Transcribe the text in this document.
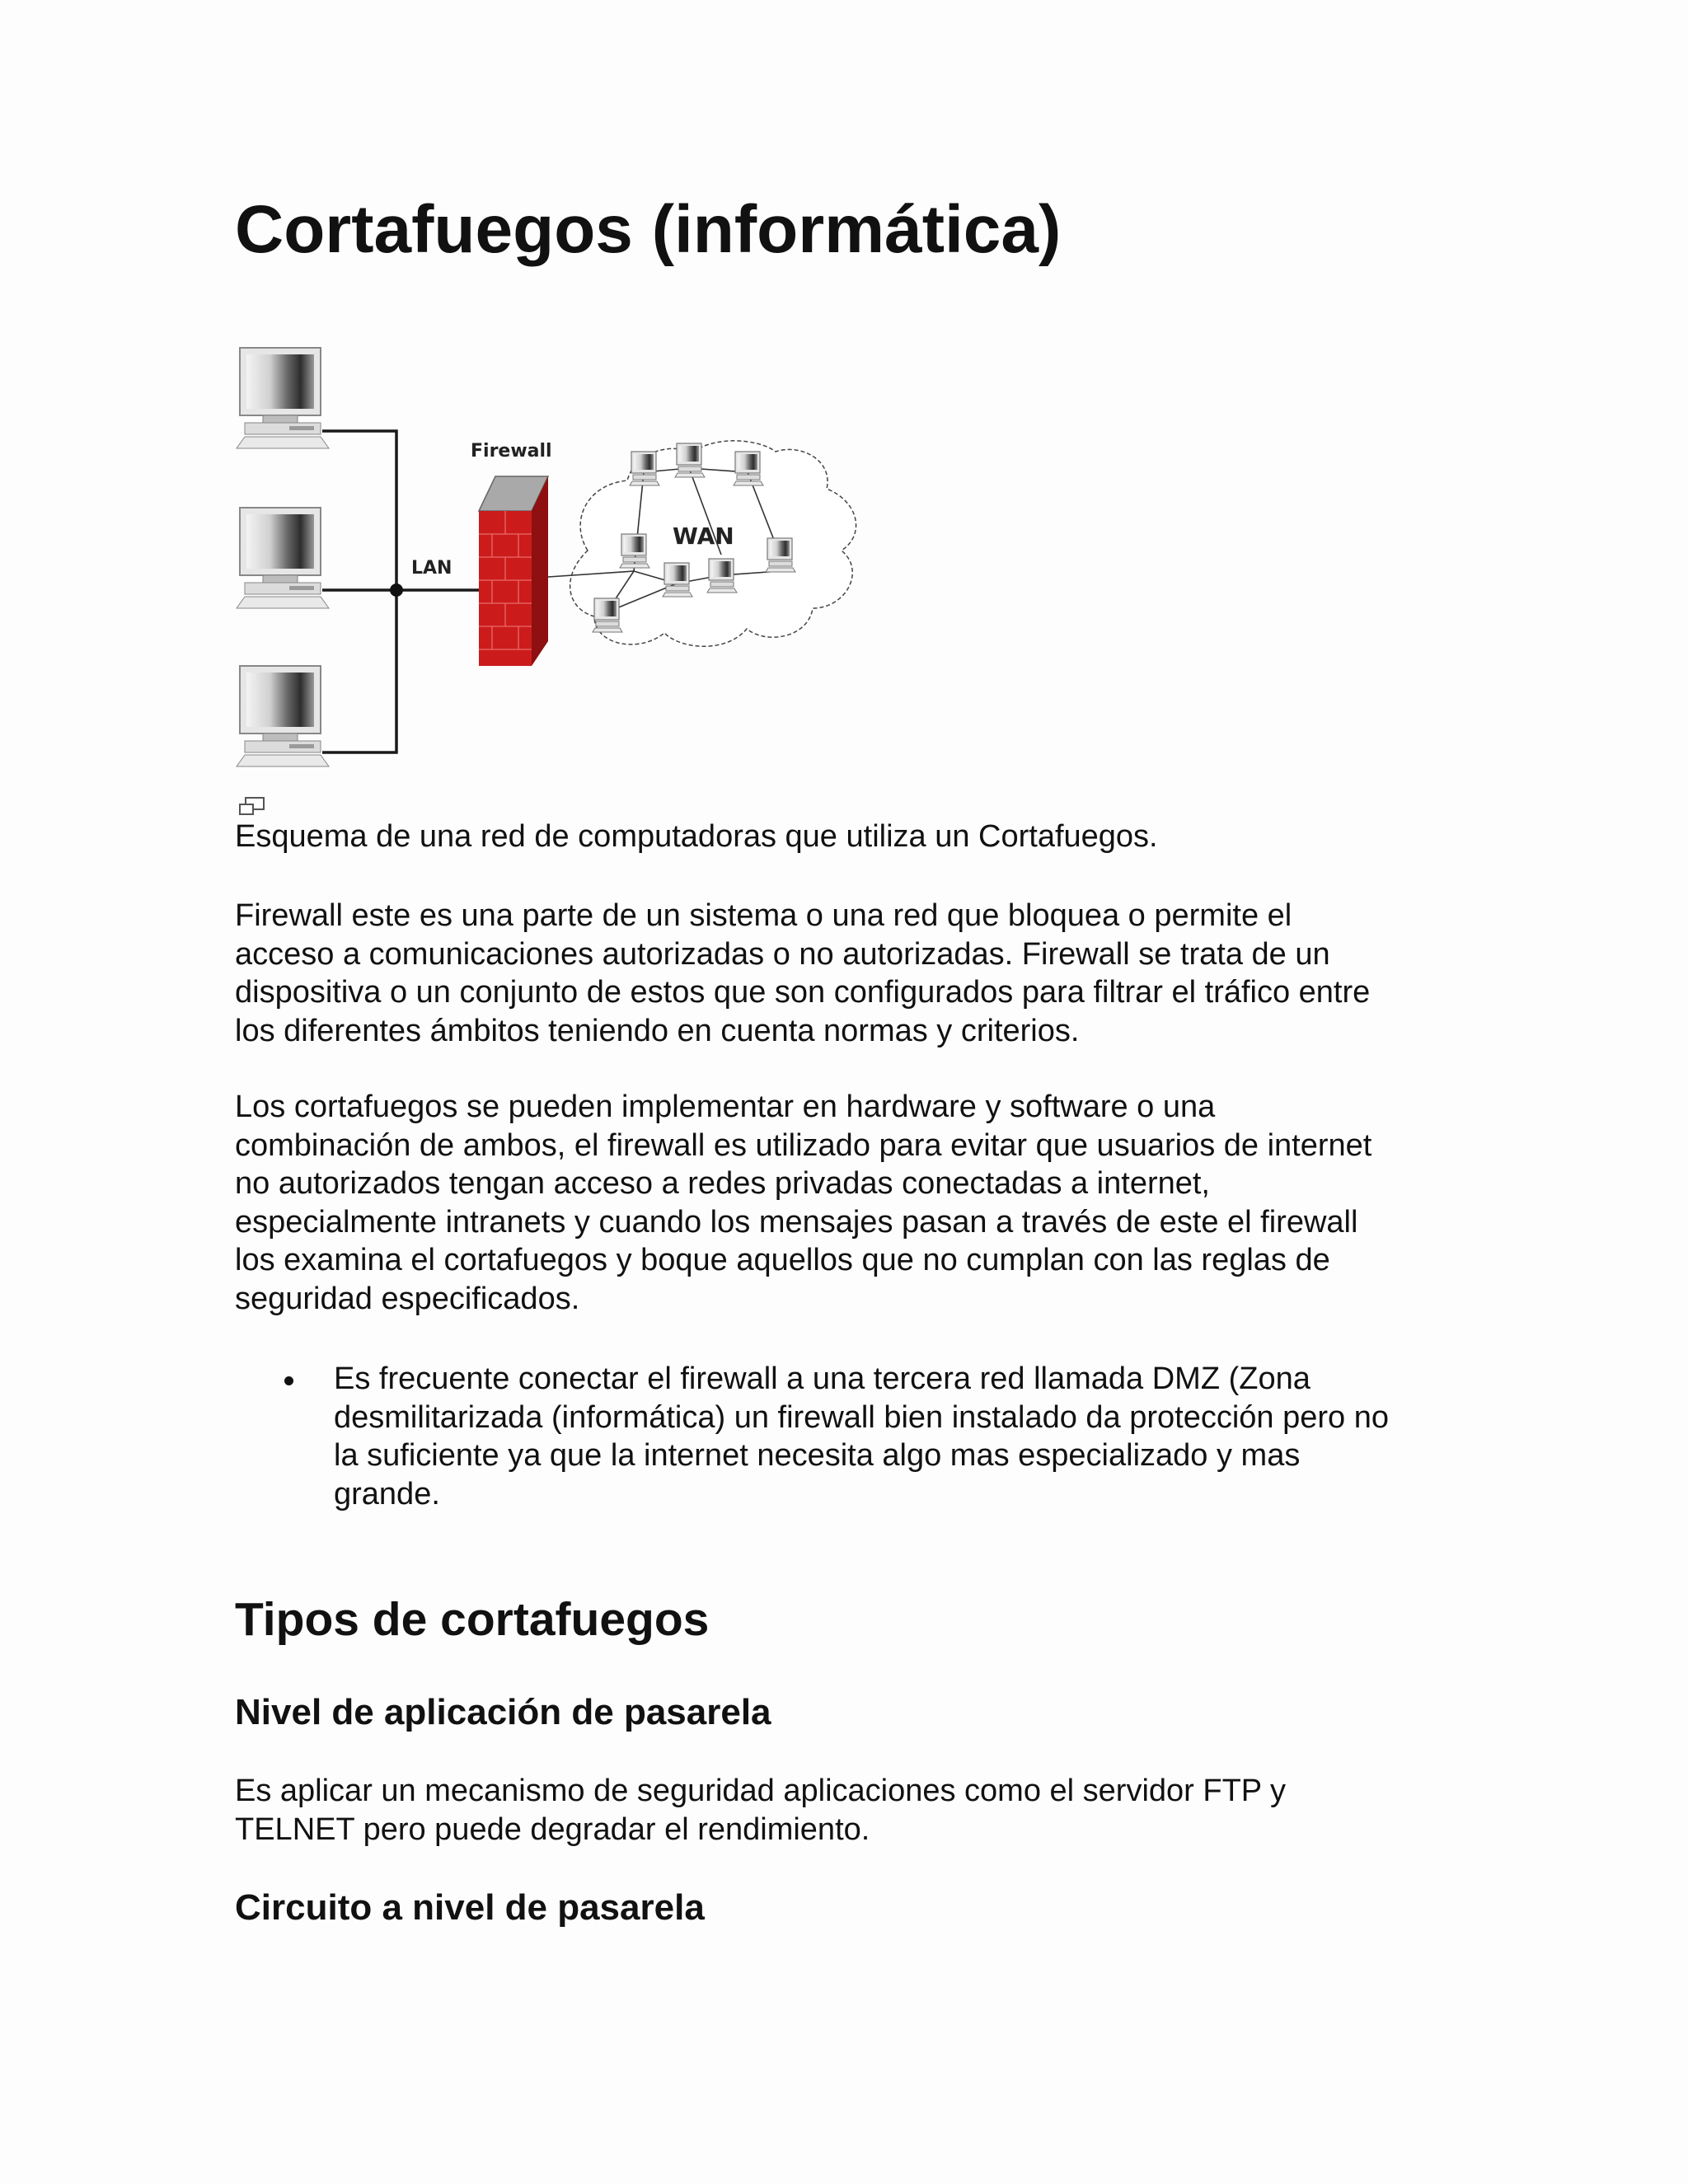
Cortafuegos (informática)
LAN
Firewall
WAN

Esquema de una red de computadoras que utiliza un Cortafuegos.

Firewall este es una parte de un sistema o una red que bloquea o permite el
acceso a comunicaciones autorizadas o no autorizadas. Firewall se trata de un
dispositiva o un conjunto de estos que son configurados para filtrar el tráfico entre
los diferentes ámbitos teniendo en cuenta normas y criterios.

Los cortafuegos se pueden implementar en hardware y software o una
combinación de ambos, el firewall es utilizado para evitar que usuarios de internet
no autorizados tengan acceso a redes privadas conectadas a internet,
especialmente intranets y cuando los mensajes pasan a través de este el firewall
los examina el cortafuegos y boque aquellos que no cumplan con las reglas de
seguridad especificados.

Es frecuente conectar el firewall a una tercera red llamada DMZ (Zona
desmilitarizada (informática) un firewall bien instalado da protección pero no
la suficiente ya que la internet necesita algo mas especializado y mas
grande.
Tipos de cortafuegos
Nivel de aplicación de pasarela

Es aplicar un mecanismo de seguridad aplicaciones como el servidor FTP y
TELNET pero puede degradar el rendimiento.

Circuito a nivel de pasarela
